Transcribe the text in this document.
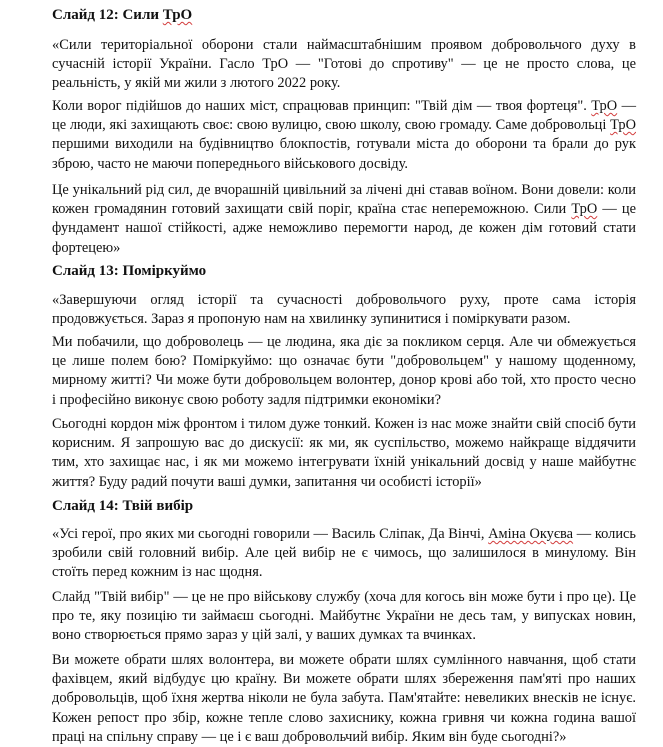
Слайд 12: Сили ТрО

«Сили територіальної оборони стали наймасштабнішим проявом добровольчого духу в сучасній історії України. Гасло ТрО — "Готові до спротиву" — це не просто слова, це реальність, у якій ми жили з лютого 2022 року.

Коли ворог підійшов до наших міст, спрацював принцип: "Твій дім — твоя фортеця". ТрО — це люди, які захищають своє: свою вулицю, свою школу, свою громаду. Саме добровольці ТрО першими виходили на будівництво блокпостів, готували міста до оборони та брали до рук зброю, часто не маючи попереднього військового досвіду.

Це унікальний рід сил, де вчорашній цивільний за лічені дні ставав воїном. Вони довели: коли кожен громадянин готовий захищати свій поріг, країна стає непереможною. Сили ТрО — це фундамент нашої стійкості, адже неможливо перемогти народ, де кожен дім готовий стати фортецею»

Слайд 13: Поміркуймо

«Завершуючи огляд історії та сучасності добровольчого руху, проте сама історія продовжується. Зараз я пропоную нам на хвилинку зупинитися і поміркувати разом.

Ми побачили, що доброволець — це людина, яка діє за покликом серця. Але чи обмежується це лише полем бою? Поміркуймо: що означає бути "добровольцем" у нашому щоденному, мирному житті? Чи може бути добровольцем волонтер, донор крові або той, хто просто чесно і професійно виконує свою роботу задля підтримки економіки?

Сьогодні кордон між фронтом і тилом дуже тонкий. Кожен із нас може знайти свій спосіб бути корисним. Я запрошую вас до дискусії: як ми, як суспільство, можемо найкраще віддячити тим, хто захищає нас, і як ми можемо інтегрувати їхній унікальний досвід у наше майбутнє життя? Буду радий почути ваші думки, запитання чи особисті історії»

Слайд 14: Твій вибір

«Усі герої, про яких ми сьогодні говорили — Василь Сліпак, Да Вінчі, Аміна Окуєва — колись зробили свій головний вибір. Але цей вибір не є чимось, що залишилося в минулому. Він стоїть перед кожним із нас щодня.

Слайд "Твій вибір" — це не про військову службу (хоча для когось він може бути і про це). Це про те, яку позицію ти займаєш сьогодні. Майбутнє України не десь там, у випусках новин, воно створюється прямо зараз у цій залі, у ваших думках та вчинках.

Ви можете обрати шлях волонтера, ви можете обрати шлях сумлінного навчання, щоб стати фахівцем, який відбудує цю країну. Ви можете обрати шлях збереження пам'яті про наших добровольців, щоб їхня жертва ніколи не була забута. Пам'ятайте: невеликих внесків не існує. Кожен репост про збір, кожне тепле слово захиснику, кожна гривня чи кожна година вашої праці на спільну справу — це і є ваш добровольчий вибір. Яким він буде сьогодні?»
